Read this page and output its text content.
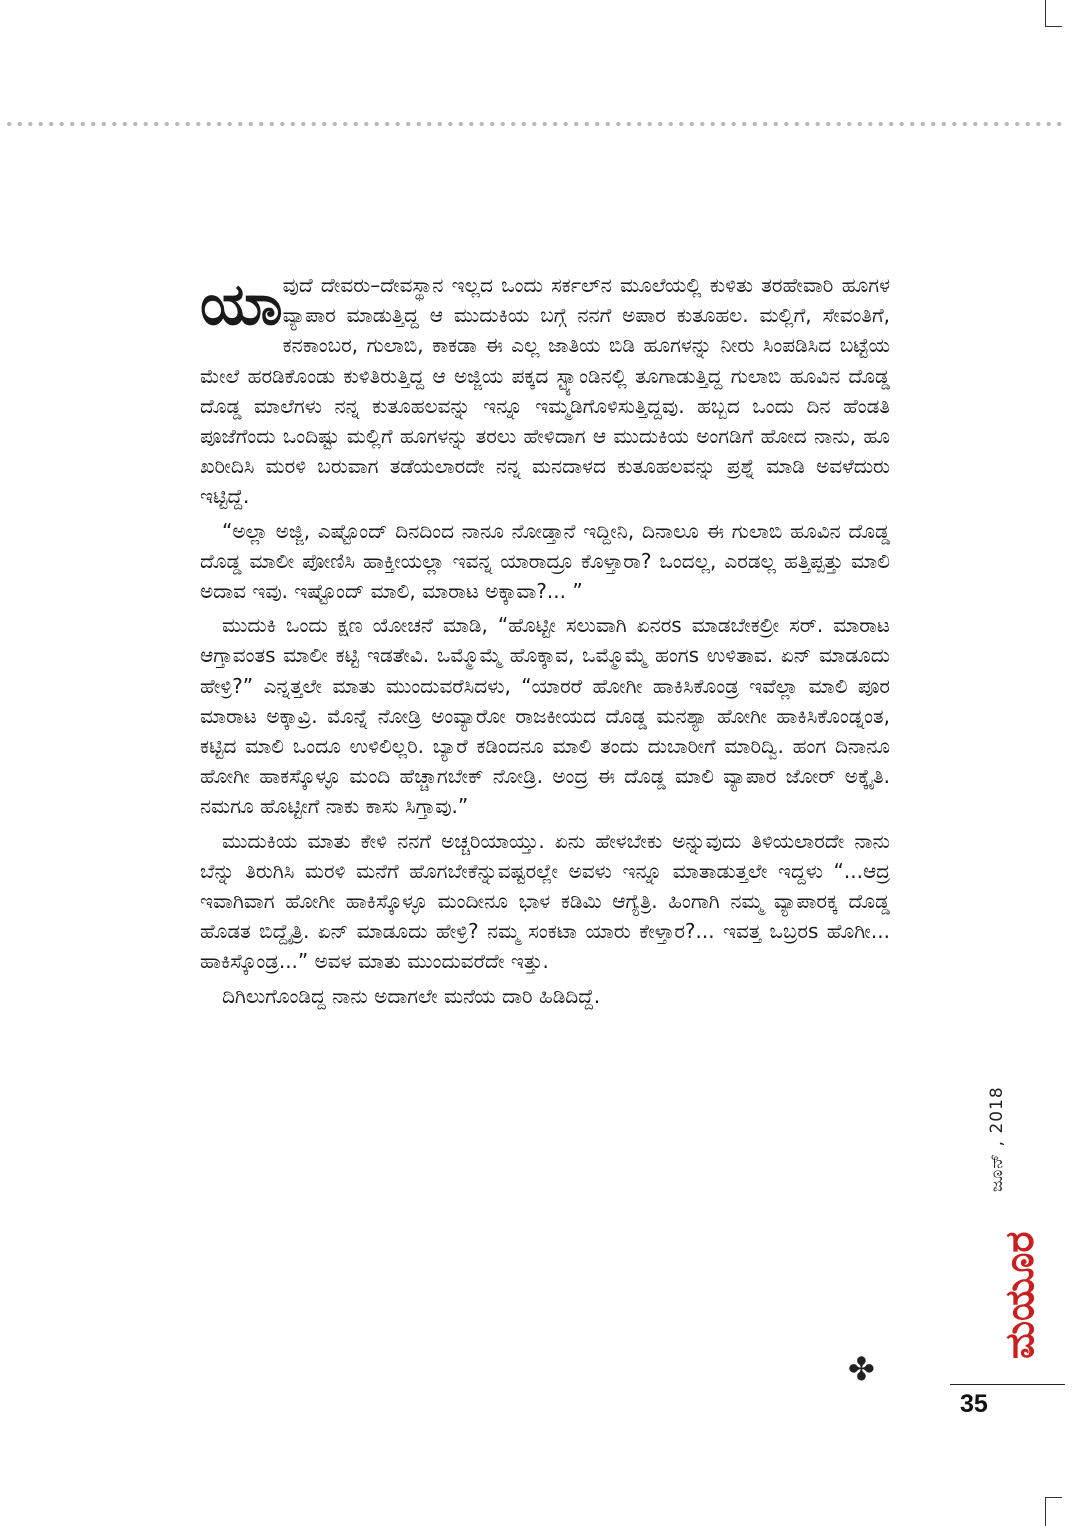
ಯಾವುದೆ ದೇವರು–ದೇವಸ್ಥಾನ ಇಲ್ಲದ ಒಂದು ಸರ್ಕಲ್‌ನ ಮೂಲೆಯಲ್ಲಿ ಕುಳಿತು ತರಹೇವಾರಿ ಹೂಗಳ ವ್ಯಾಪಾರ ಮಾಡುತ್ತಿದ್ದ ಆ ಮುದುಕಿಯ ಬಗ್ಗೆ ನನಗೆ ಅಪಾರ ಕುತೂಹಲ. ಮಲ್ಲಿಗೆ, ಸೇವಂತಿಗೆ, ಕನಕಾಂಬರ, ಗುಲಾಬಿ, ಕಾಕಡಾ ಈ ಎಲ್ಲ ಜಾತಿಯ ಬಿಡಿ ಹೂಗಳನ್ನು ನೀರು ಸಿಂಪಡಿಸಿದ ಬಟ್ಟೆಯ ಮೇಲೆ ಹರಡಿಕೊಂಡು ಕುಳಿತಿರುತ್ತಿದ್ದ ಆ ಅಜ್ಜಿಯ ಪಕ್ಕದ ಸ್ಟ್ಯಾಂಡಿನಲ್ಲಿ ತೂಗಾಡುತ್ತಿದ್ದ ಗುಲಾಬಿ ಹೂವಿನ ದೊಡ್ಡ ದೊಡ್ಡ ಮಾಲೆಗಳು ನನ್ನ ಕುತೂಹಲವನ್ನು ಇನ್ನೂ ಇಮ್ಮಡಿಗೊಳಿಸುತ್ತಿದ್ದವು. ಹಬ್ಬದ ಒಂದು ದಿನ ಹೆಂಡತಿ ಪೂಜೆಗೆಂದು ಒಂದಿಷ್ಟು ಮಲ್ಲಿಗೆ ಹೂಗಳನ್ನು ತರಲು ಹೇಳಿದಾಗ ಆ ಮುದುಕಿಯ ಅಂಗಡಿಗೆ ಹೋದ ನಾನು, ಹೂ ಖರೀದಿಸಿ ಮರಳಿ ಬರುವಾಗ ತಡೆಯಲಾರದೇ ನನ್ನ ಮನದಾಳದ ಕುತೂಹಲವನ್ನು ಪ್ರಶ್ನೆ ಮಾಡಿ ಅವಳೆದುರು ಇಟ್ಟಿದ್ದೆ.

“ಅಲ್ಲಾ ಅಜ್ಜಿ, ಎಷ್ಟೊಂದ್ ದಿನದಿಂದ ನಾನೂ ನೋಡ್ತಾನೆ ಇದ್ದೀನಿ, ದಿನಾಲೂ ಈ ಗುಲಾಬಿ ಹೂವಿನ ದೊಡ್ಡ ದೊಡ್ಡ ಮಾಲೀ ಪೋಣಿಸಿ ಹಾಕ್ತೀಯಲ್ಲಾ ಇವನ್ನ ಯಾರಾದ್ರೂ ಕೊಳ್ತಾರಾ? ಒಂದಲ್ಲ, ಎರಡಲ್ಲ ಹತ್ತಿಪ್ಪತ್ತು ಮಾಲಿ ಅದಾವ ಇವು. ಇಷ್ಟೊಂದ್ ಮಾಲಿ, ಮಾರಾಟ ಅಕ್ಕಾವಾ?... ”

ಮುದುಕಿ ಒಂದು ಕ್ಷಣ ಯೋಚನೆ ಮಾಡಿ, “ಹೊಟ್ಟೀ ಸಲುವಾಗಿ ಏನರs ಮಾಡಬೇಕಲ್ರೀ ಸರ್. ಮಾರಾಟ ಆಗ್ತಾವಂತs ಮಾಲೀ ಕಟ್ಟಿ ಇಡತೇವಿ. ಒಮ್ಮೊಮ್ಮೆ ಹೊಕ್ಕಾವ, ಒಮ್ಮೊಮ್ಮೆ ಹಂಗs ಉಳಿತಾವ. ಏನ್ ಮಾಡೂದು ಹೇಳ್ರಿ?” ಎನ್ನತ್ತಲೇ ಮಾತು ಮುಂದುವರೆಸಿದಳು, “ಯಾರರೆ ಹೋಗೀ ಹಾಕಿಸಿಕೊಂಡ್ರ ಇವೆಲ್ಲಾ ಮಾಲಿ ಪೂರ ಮಾರಾಟ ಅಕ್ಕಾವ್ರಿ. ಮೊನ್ನೆ ನೋಡ್ರಿ ಅಂವ್ಯಾರೋ ರಾಜಕೀಯದ ದೊಡ್ಡ ಮನಶ್ಯಾ ಹೋಗೀ ಹಾಕಿಸಿಕೊಂಡ್ನಂತ, ಕಟ್ಟಿದ ಮಾಲಿ ಒಂದೂ ಉಳಿಲಿಲ್ಲರಿ. ಬ್ಯಾರೆ ಕಡಿಂದನೂ ಮಾಲಿ ತಂದು ದುಬಾರೀಗೆ ಮಾರಿದ್ವಿ. ಹಂಗ ದಿನಾನೂ ಹೋಗೀ ಹಾಕಸ್ಕೊಳ್ಳೂ ಮಂದಿ ಹೆಚ್ಚಾಗಬೇಕ್ ನೋಡ್ರಿ. ಅಂದ್ರ ಈ ದೊಡ್ಡ ಮಾಲಿ ವ್ಯಾಪಾರ ಜೋರ್ ಅಕ್ಕೈತಿ. ನಮಗೂ ಹೊಟ್ಟೀಗೆ ನಾಕು ಕಾಸು ಸಿಗ್ತಾವು.”

ಮುದುಕಿಯ ಮಾತು ಕೇಳಿ ನನಗೆ ಅಚ್ಚರಿಯಾಯ್ತು. ಏನು ಹೇಳಬೇಕು ಅನ್ನುವುದು ತಿಳಿಯಲಾರದೇ ನಾನು ಬೆನ್ನು ತಿರುಗಿಸಿ ಮರಳಿ ಮನೆಗೆ ಹೊಗಬೇಕೆನ್ನುವಷ್ಟರಲ್ಲೇ ಅವಳು ಇನ್ನೂ ಮಾತಾಡುತ್ತಲೇ ಇದ್ದಳು “...ಆದ್ರ ಇವಾಗಿವಾಗ ಹೋಗೀ ಹಾಕಿಸ್ಕೊಳ್ಳೂ ಮಂದೀನೂ ಭಾಳ ಕಡಿಮಿ ಆಗ್ಯೆತ್ರಿ. ಹಿಂಗಾಗಿ ನಮ್ಮ ವ್ಯಾಪಾರಕ್ಕ ದೊಡ್ಡ ಹೊಡತ ಬಿದ್ದೈತ್ರಿ. ಏನ್ ಮಾಡೂದು ಹೇಳ್ರಿ? ನಮ್ಮ ಸಂಕಟಾ ಯಾರು ಕೇಳ್ತಾರ?... ಇವತ್ತ ಒಬ್ರರs ಹೊಗೀ... ಹಾಕಿಸ್ಕೊಂಡ್ರ...” ಅವಳ ಮಾತು ಮುಂದುವರೆದೇ ಇತ್ತು.

ದಿಗಿಲುಗೊಂಡಿದ್ದ ನಾನು ಅದಾಗಲೇ ಮನೆಯ ದಾರಿ ಹಿಡಿದಿದ್ದೆ.

✤
ಜೂನ್ , 2018
ಮಯೂರ
35
